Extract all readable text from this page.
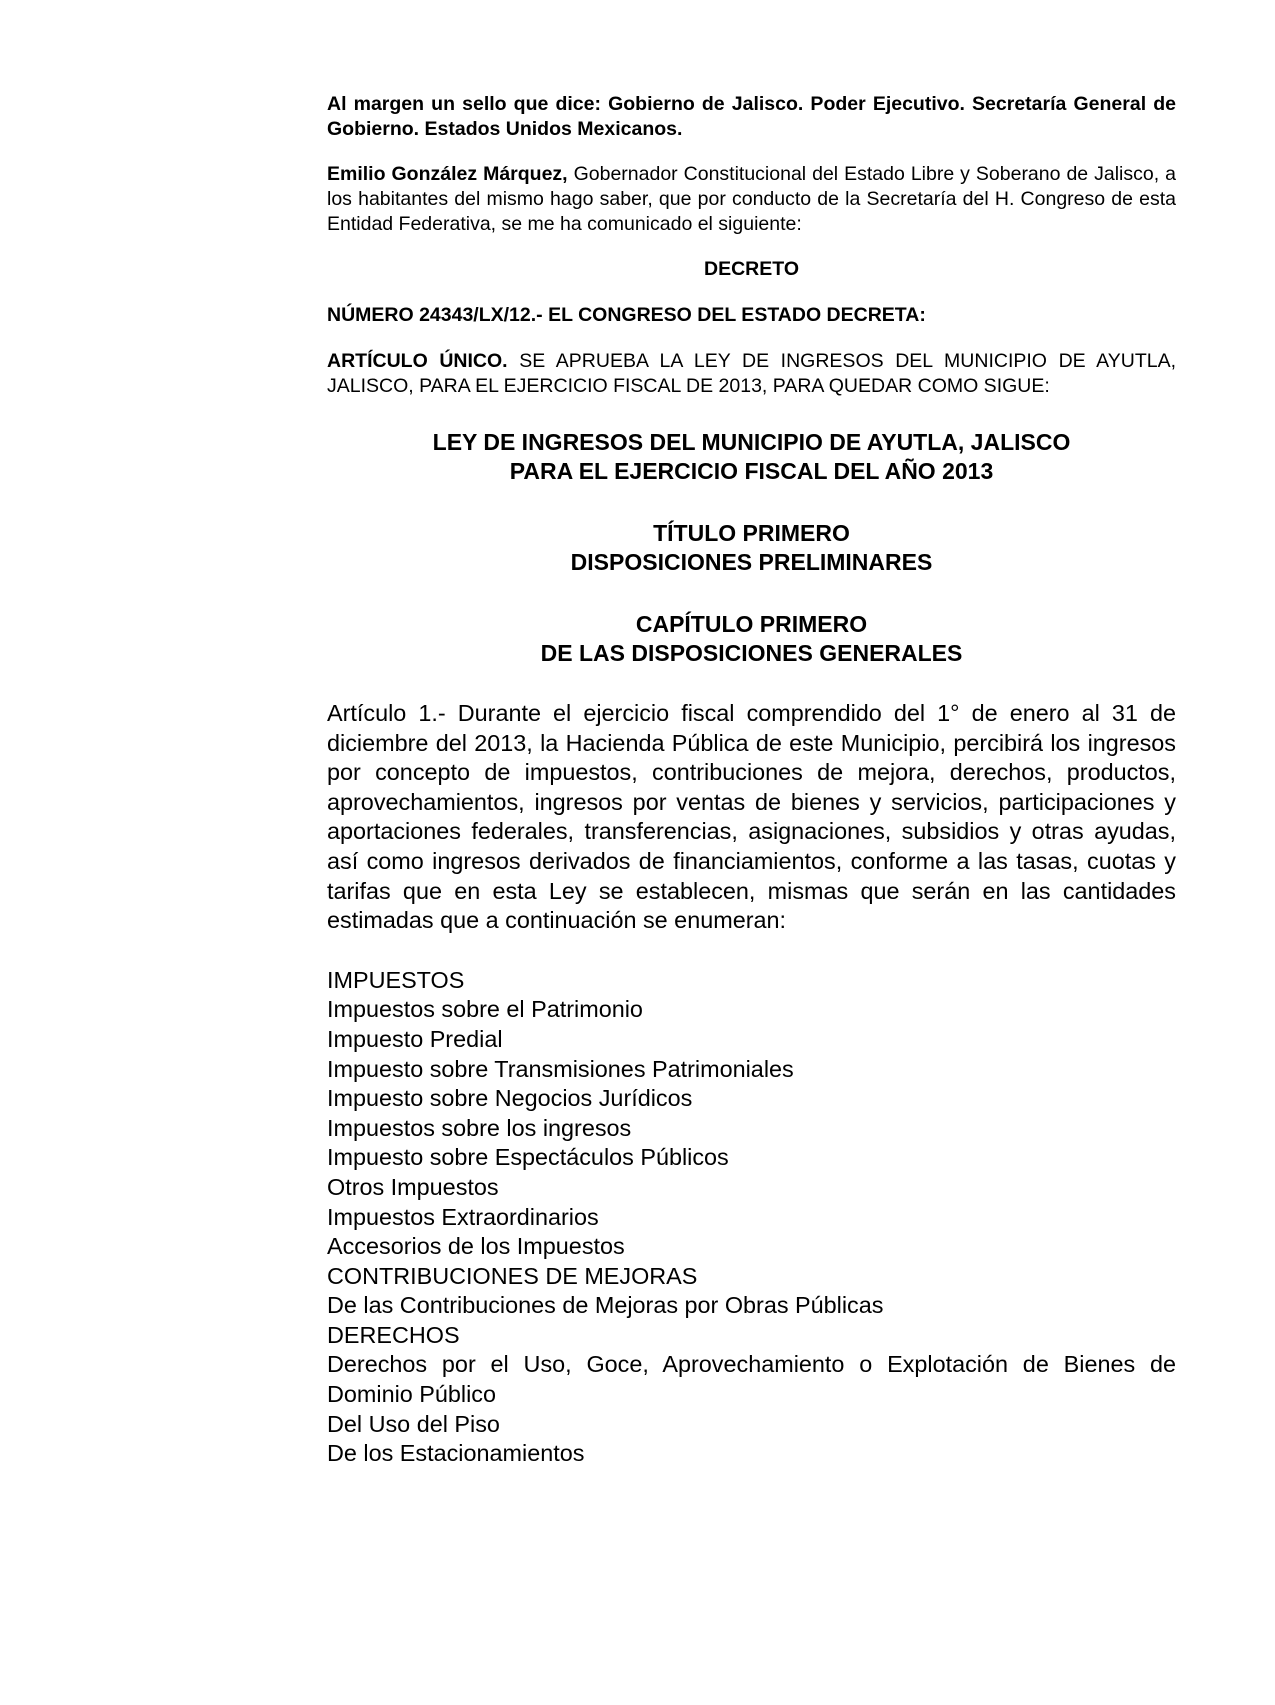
Al margen un sello que dice: Gobierno de Jalisco. Poder Ejecutivo. Secretaría General de Gobierno. Estados Unidos Mexicanos.

Emilio González Márquez, Gobernador Constitucional del Estado Libre y Soberano de Jalisco, a los habitantes del mismo hago saber, que por conducto de la Secretaría del H. Congreso de esta Entidad Federativa, se me ha comunicado el siguiente:

DECRETO
NÚMERO 24343/LX/12.- EL CONGRESO DEL ESTADO DECRETA:

ARTÍCULO ÚNICO. SE APRUEBA LA LEY DE INGRESOS DEL MUNICIPIO DE AYUTLA, JALISCO, PARA EL EJERCICIO FISCAL DE 2013, PARA QUEDAR COMO SIGUE:

LEY DE INGRESOS DEL MUNICIPIO DE AYUTLA, JALISCO
PARA EL EJERCICIO FISCAL DEL AÑO 2013
TÍTULO PRIMERO
DISPOSICIONES PRELIMINARES
CAPÍTULO PRIMERO
DE LAS DISPOSICIONES GENERALES

Artículo 1.- Durante el ejercicio fiscal comprendido del 1° de enero al 31 de diciembre del 2013, la Hacienda Pública de este Municipio, percibirá los ingresos por concepto de impuestos, contribuciones de mejora, derechos, productos, aprovechamientos, ingresos por ventas de bienes y servicios, participaciones y aportaciones federales, transferencias, asignaciones, subsidios y otras ayudas, así como ingresos derivados de financiamientos, conforme a las tasas, cuotas y tarifas que en esta Ley se establecen, mismas que serán en las cantidades estimadas que a continuación se enumeran:

IMPUESTOS
Impuestos sobre el Patrimonio
Impuesto Predial
Impuesto sobre Transmisiones Patrimoniales
Impuesto sobre Negocios Jurídicos
Impuestos sobre los ingresos
Impuesto sobre Espectáculos Públicos
Otros Impuestos
Impuestos Extraordinarios
Accesorios de los Impuestos
CONTRIBUCIONES DE MEJORAS
De las Contribuciones de Mejoras por Obras Públicas
DERECHOS
Derechos por el Uso, Goce, Aprovechamiento o Explotación de Bienes de Dominio Público
Del Uso del Piso
De los Estacionamientos
